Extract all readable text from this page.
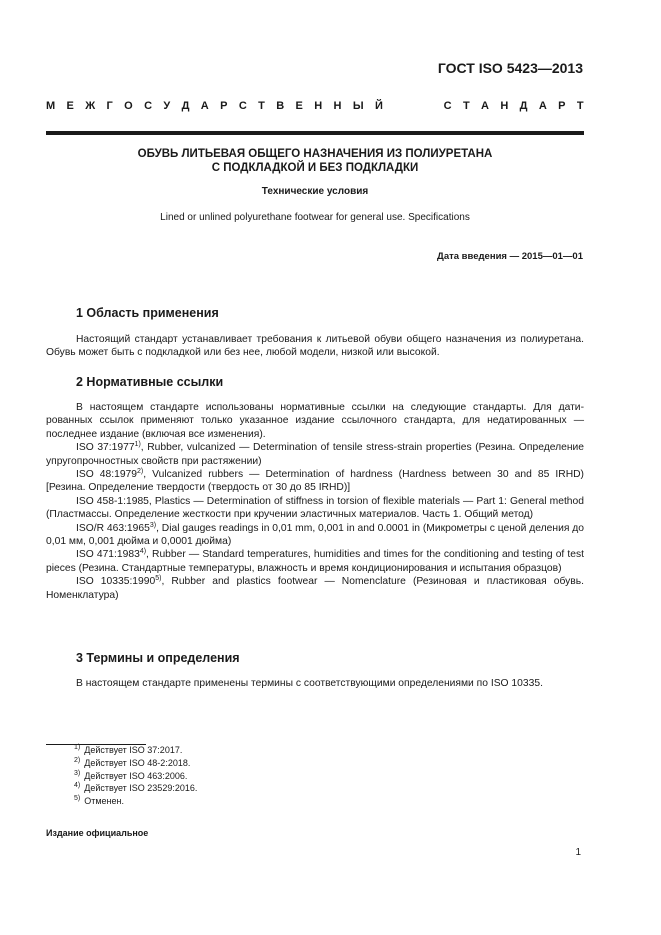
ГОСТ ISO 5423—2013
М Е Ж Г О С У Д А Р С Т В Е Н Н Ы Й	С Т А Н Д А Р Т
ОБУВЬ ЛИТЬЕВАЯ ОБЩЕГО НАЗНАЧЕНИЯ ИЗ ПОЛИУРЕТАНА
С ПОДКЛАДКОЙ И БЕЗ ПОДКЛАДКИ
Технические условия
Lined or unlined polyurethane footwear for general use. Specifications
Дата введения — 2015—01—01
1 Область применения

Настоящий стандарт устанавливает требования к литьевой обуви общего назначения из полиуретана. Обувь может быть с подкладкой или без нее, любой модели, низкой или высокой.

2 Нормативные ссылки

В настоящем стандарте использованы нормативные ссылки на следующие стандарты. Для датированных ссылок применяют только указанное издание ссылочного стандарта, для недатированных — последнее издание (включая все изменения).

ISO 37:1977$^{1)}$, Rubber, vulcanized — Determination of tensile stress-strain properties (Резина. Определение упругопрочностных свойств при растяжении)

ISO 48:1979$^{2)}$, Vulcanized rubbers — Determination of hardness (Hardness between 30 and 85 IRHD) [Резина. Определение твердости (твердость от 30 до 85 IRHD)]

ISO 458-1:1985, Plastics — Determination of stiffness in torsion of flexible materials — Part 1: General method (Пластмассы. Определение жесткости при кручении эластичных материалов. Часть 1. Общий метод)

ISO/R 463:1965$^{3)}$, Dial gauges readings in 0,01 mm, 0,001 in and 0.0001 in (Микрометры с ценой деления до 0,01 мм, 0,001 дюйма и 0,0001 дюйма)

ISO 471:1983$^{4)}$, Rubber — Standard temperatures, humidities and times for the conditioning and testing of test pieces (Резина. Стандартные температуры, влажность и время кондиционирования и испытания образцов)

ISO 10335:1990$^{5)}$, Rubber and plastics footwear — Nomenclature (Резиновая и пластиковая обувь. Номенклатура)

3 Термины и определения

В настоящем стандарте применены термины с соответствующими определениями по ISO 10335.

$^{1)}$ Действует ISO 37:2017.
$^{2)}$ Действует ISO 48-2:2018.
$^{3)}$ Действует ISO 463:2006.
$^{4)}$ Действует ISO 23529:2016.
$^{5)}$ Отменен.
Издание официальное
1
